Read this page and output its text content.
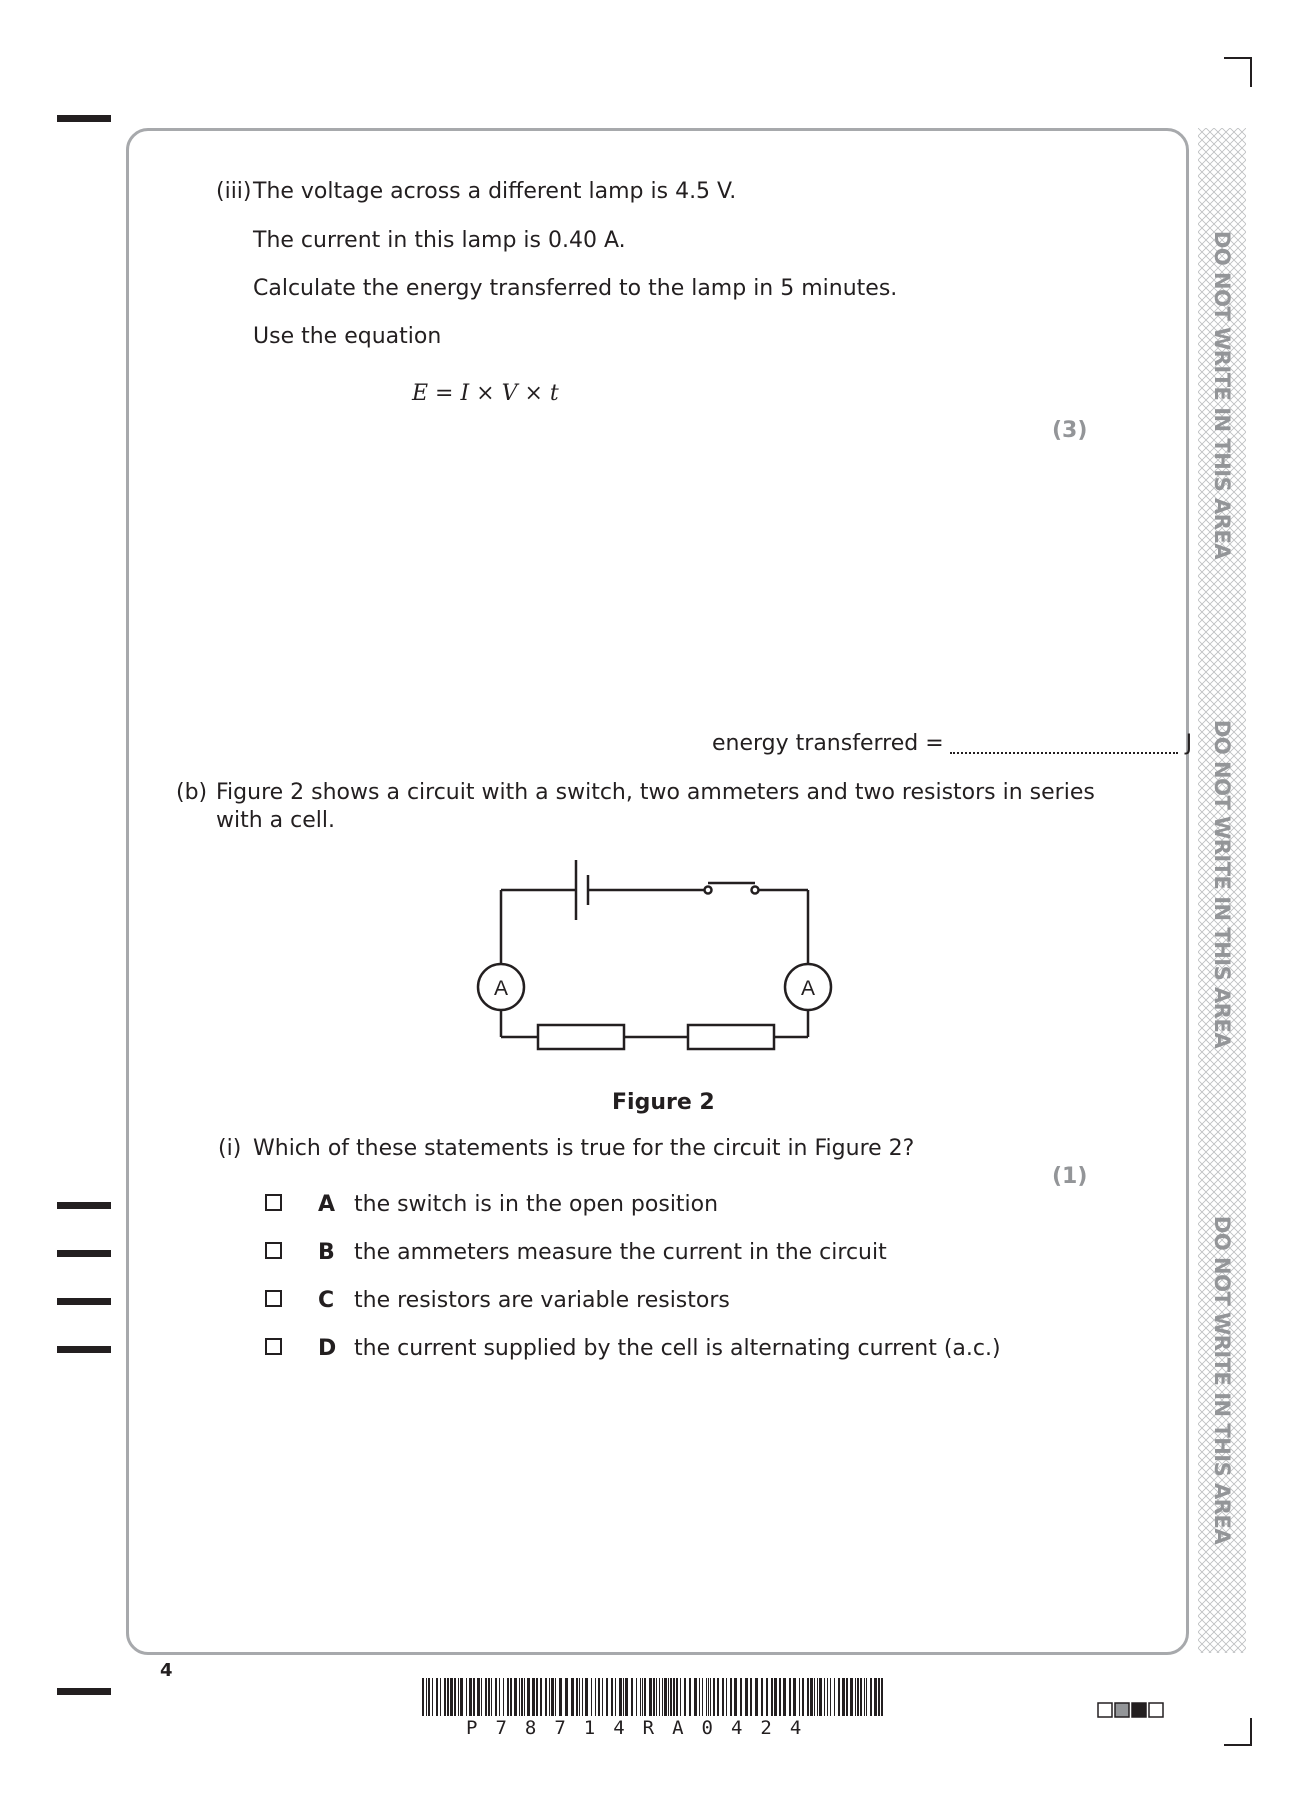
DO NOT WRITE IN THIS AREA
DO NOT WRITE IN THIS AREA
DO NOT WRITE IN THIS AREA
(iii) The voltage across a different lamp is 4.5 V.
The current in this lamp is 0.40 A.
Calculate the energy transferred to the lamp in 5 minutes.
Use the equation
E = I × V × t
(3)
energy transferred =	J
(b) Figure 2 shows a circuit with a switch, two ammeters and two resistors in series
with a cell.
A	A
Figure 2
(i) Which of these statements is true for the circuit in Figure 2?
(1)
A the switch is in the open position
B the ammeters measure the current in the circuit
C the resistors are variable resistors
D the current supplied by the cell is alternating current (a.c.)
4
P78714RA0424
